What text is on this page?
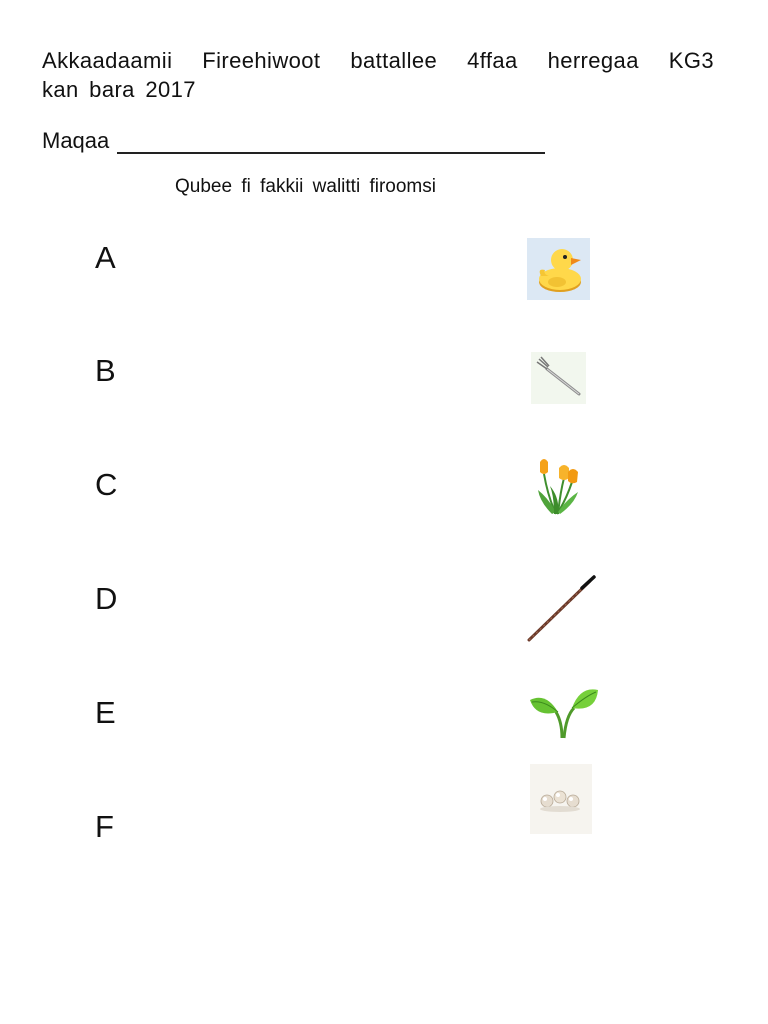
Akkaadaamii Fireehiwoot battallee 4ffaa herregaa KG3
kan bara 2017
Maqaa
Qubee fi fakkii walitti firoomsi
A
B
C
D
E
F
